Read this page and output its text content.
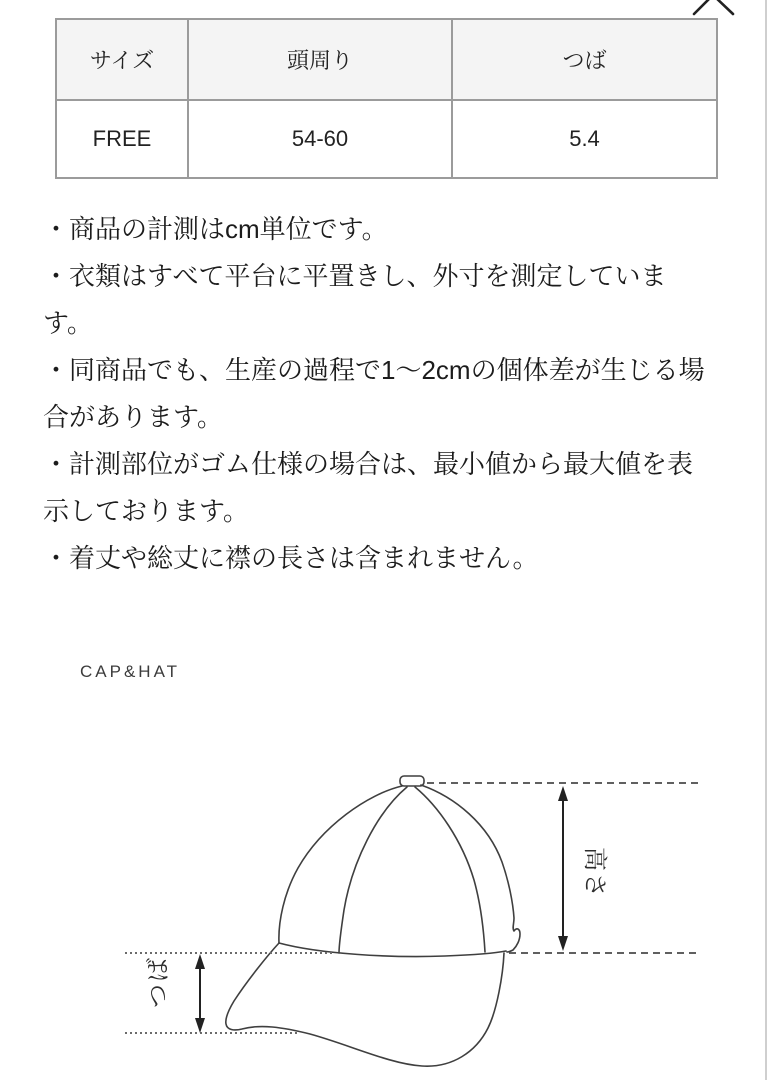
サイズ	頭周り	つば
FREE	54-60	5.4

・商品の計測はcm単位です。

・衣類はすべて平台に平置きし、外寸を測定しています。

・同商品でも、生産の過程で1〜2cmの個体差が生じる場合があります。

・計測部位がゴム仕様の場合は、最小値から最大値を表示しております。

・着丈や総丈に襟の長さは含まれません。

CAP&HAT
高さ
つば
